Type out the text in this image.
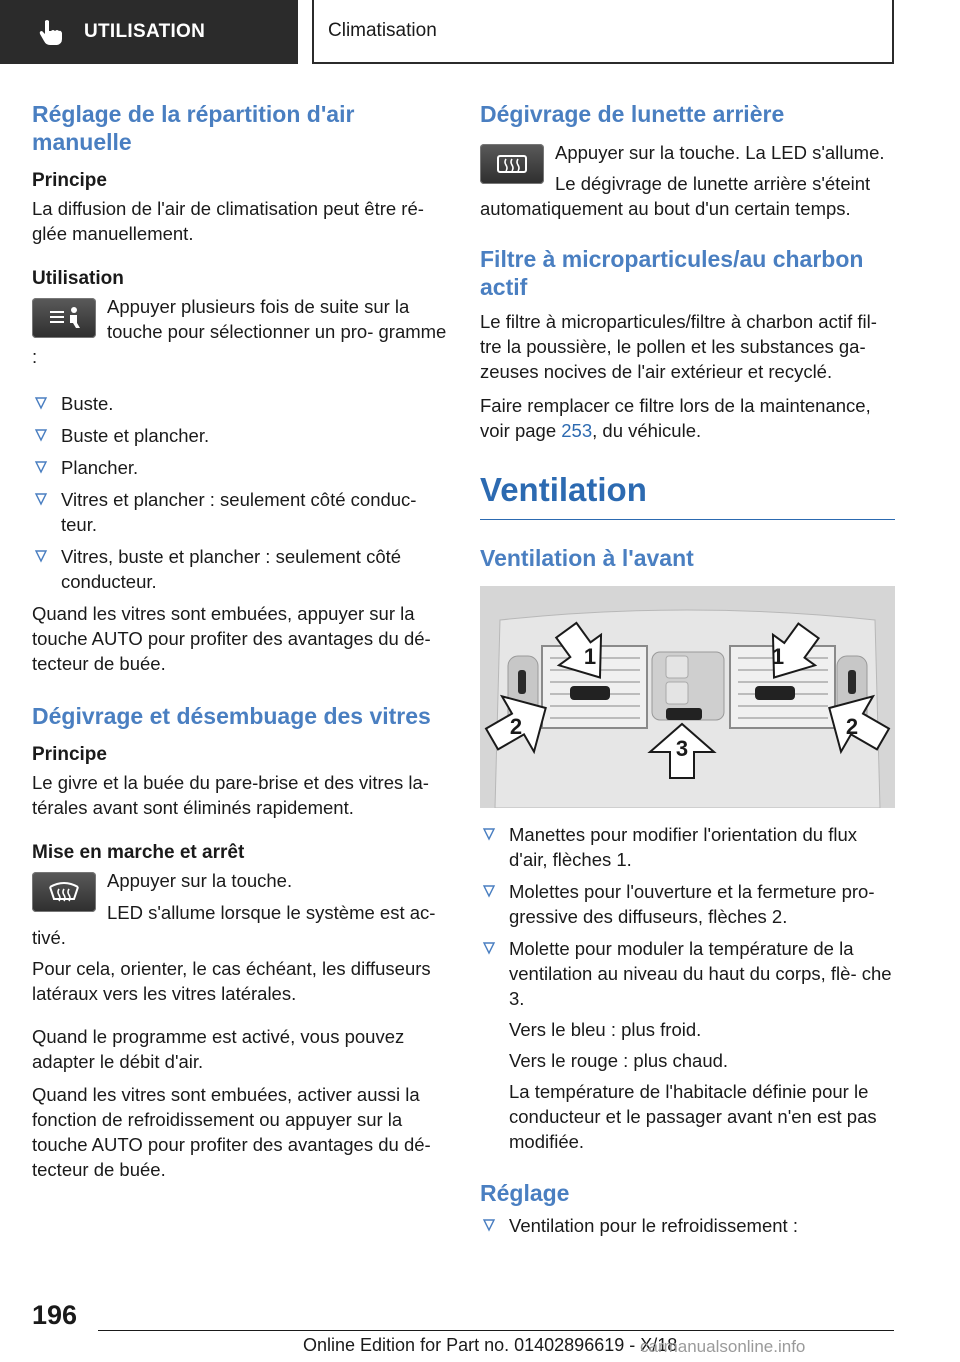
UTILISATION	Climatisation
Réglage de la répartition d'air manuelle
Principe

La diffusion de l'air de climatisation peut être ré‐ glée manuellement.

Utilisation

Appuyer plusieurs fois de suite sur la touche pour sélectionner un pro‐ gramme :

Buste.
Buste et plancher.
Plancher.
Vitres et plancher : seulement côté conduc‐ teur.
Vitres, buste et plancher : seulement côté conducteur.

Quand les vitres sont embuées, appuyer sur la touche AUTO pour profiter des avantages du dé‐ tecteur de buée.

Dégivrage et désembuage des vitres
Principe

Le givre et la buée du pare-brise et des vitres la‐ térales avant sont éliminés rapidement.

Mise en marche et arrêt

Appuyer sur la touche.

LED s'allume lorsque le système est ac‐ tivé.

Pour cela, orienter, le cas échéant, les diffuseurs latéraux vers les vitres latérales.

Quand le programme est activé, vous pouvez adapter le débit d'air.

Quand les vitres sont embuées, activer aussi la fonction de refroidissement ou appuyer sur la touche AUTO pour profiter des avantages du dé‐ tecteur de buée.

Dégivrage de lunette arrière

Appuyer sur la touche. La LED s'allume.

Le dégivrage de lunette arrière s'éteint automatiquement au bout d'un certain temps.

Filtre à microparticules/au charbon actif

Le filtre à microparticules/filtre à charbon actif fil‐ tre la poussière, le pollen et les substances ga‐ zeuses nocives de l'air extérieur et recyclé.

Faire remplacer ce filtre lors de la maintenance, voir page 253, du véhicule.

Ventilation
Ventilation à l'avant
1	1
2	2
3
Manettes pour modifier l'orientation du flux d'air, flèches 1.
Molettes pour l'ouverture et la fermeture pro‐ gressive des diffuseurs, flèches 2.
Molette pour moduler la température de la ventilation au niveau du haut du corps, flè‐ che 3.
Vers le bleu : plus froid.
Vers le rouge : plus chaud.
La température de l'habitacle définie pour le conducteur et le passager avant n'en est pas modifiée.
Réglage
Ventilation pour le refroidissement :
196
Online Edition for Part no. 01402896619 - X/18
carmanualsonline.info
